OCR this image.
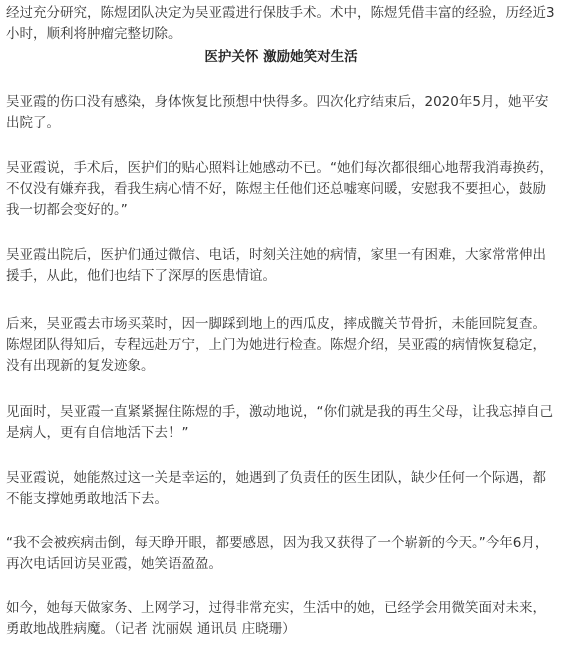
经过充分研究，陈煜团队决定为吴亚霞进行保肢手术。术中，陈煜凭借丰富的经验，历经近3小时，顺利将肿瘤完整切除。

医护关怀 激励她笑对生活

吴亚霞的伤口没有感染，身体恢复比预想中快得多。四次化疗结束后，2020年5月，她平安出院了。

吴亚霞说，手术后，医护们的贴心照料让她感动不已。“她们每次都很细心地帮我消毒换药，不仅没有嫌弃我，看我生病心情不好，陈煜主任他们还总嘘寒问暖，安慰我不要担心，鼓励我一切都会变好的。”

吴亚霞出院后，医护们通过微信、电话，时刻关注她的病情，家里一有困难，大家常常伸出援手，从此，他们也结下了深厚的医患情谊。

后来，吴亚霞去市场买菜时，因一脚踩到地上的西瓜皮，摔成髋关节骨折，未能回院复查。陈煜团队得知后，专程远赴万宁，上门为她进行检查。陈煜介绍，吴亚霞的病情恢复稳定，没有出现新的复发迹象。

见面时，吴亚霞一直紧紧握住陈煜的手，激动地说，“你们就是我的再生父母，让我忘掉自己是病人，更有自信地活下去！”

吴亚霞说，她能熬过这一关是幸运的，她遇到了负责任的医生团队，缺少任何一个际遇，都不能支撑她勇敢地活下去。

“我不会被疾病击倒，每天睁开眼，都要感恩，因为我又获得了一个崭新的今天。”今年6月，再次电话回访吴亚霞，她笑语盈盈。

如今，她每天做家务、上网学习，过得非常充实，生活中的她，已经学会用微笑面对未来，勇敢地战胜病魔。（记者 沈丽娱 通讯员 庄晓珊）
